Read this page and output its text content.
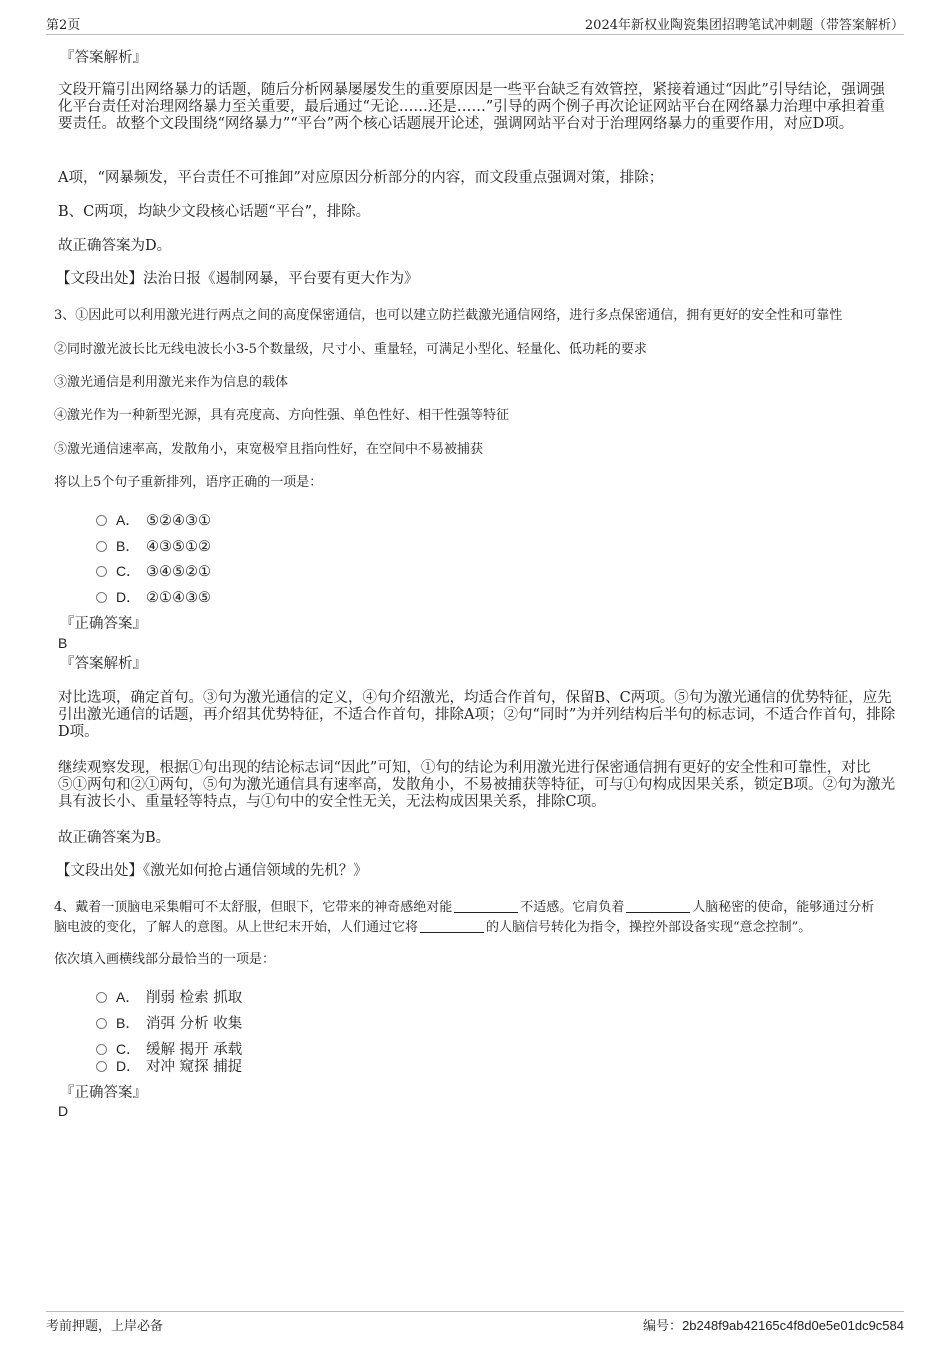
第2页	2024年新权业陶瓷集团招聘笔试冲刺题（带答案解析）
『答案解析』
文段开篇引出网络暴力的话题，随后分析网暴屡屡发生的重要原因是一些平台缺乏有效管控，紧接着通过“因此”引导结论，强调强化平台责任对治理网络暴力至关重要，最后通过“无论……还是……”引导的两个例子再次论证网站平台在网络暴力治理中承担着重要责任。故整个文段围绕“网络暴力”“平台”两个核心话题展开论述，强调网站平台对于治理网络暴力的重要作用，对应D项。
A项，“网暴频发，平台责任不可推卸”对应原因分析部分的内容，而文段重点强调对策，排除；
B、C两项，均缺少文段核心话题“平台”，排除。
故正确答案为D。
【文段出处】法治日报《遏制网暴，平台要有更大作为》
3、①因此可以利用激光进行两点之间的高度保密通信，也可以建立防拦截激光通信网络，进行多点保密通信，拥有更好的安全性和可靠性
②同时激光波长比无线电波长小3-5个数量级，尺寸小、重量轻，可满足小型化、轻量化、低功耗的要求
③激光通信是利用激光来作为信息的载体
④激光作为一种新型光源，具有亮度高、方向性强、单色性好、相干性强等特征
⑤激光通信速率高，发散角小，束宽极窄且指向性好，在空间中不易被捕获
将以上5个句子重新排列，语序正确的一项是：
A． ⑤②④③①
B． ④③⑤①②
C． ③④⑤②①
D． ②①④③⑤
『正确答案』
B
『答案解析』
对比选项，确定首句。③句为激光通信的定义，④句介绍激光，均适合作首句，保留B、C两项。⑤句为激光通信的优势特征，应先引出激光通信的话题，再介绍其优势特征，不适合作首句，排除A项；②句“同时”为并列结构后半句的标志词，不适合作首句，排除D项。
继续观察发现，根据①句出现的结论标志词“因此”可知，①句的结论为利用激光进行保密通信拥有更好的安全性和可靠性，对比⑤①两句和②①两句，⑤句为激光通信具有速率高，发散角小，不易被捕获等特征，可与①句构成因果关系，锁定B项。②句为激光具有波长小、重量轻等特点，与①句中的安全性无关，无法构成因果关系，排除C项。
故正确答案为B。
【文段出处】《激光如何抢占通信领域的先机？》
4、戴着一顶脑电采集帽可不太舒服，但眼下，它带来的神奇感绝对能	不适感。它肩负着	人脑秘密的使命，能够通过分析
脑电波的变化，了解人的意图。从上世纪末开始，人们通过它将	的人脑信号转化为指令，操控外部设备实现“意念控制”。
依次填入画横线部分最恰当的一项是：
A． 削弱 检索 抓取
B． 消弭 分析 收集
C． 缓解 揭开 承载
D． 对冲 窥探 捕捉
『正确答案』
D
考前押题，上岸必备	编号：2b248f9ab42165c4f8d0e5e01dc9c584
